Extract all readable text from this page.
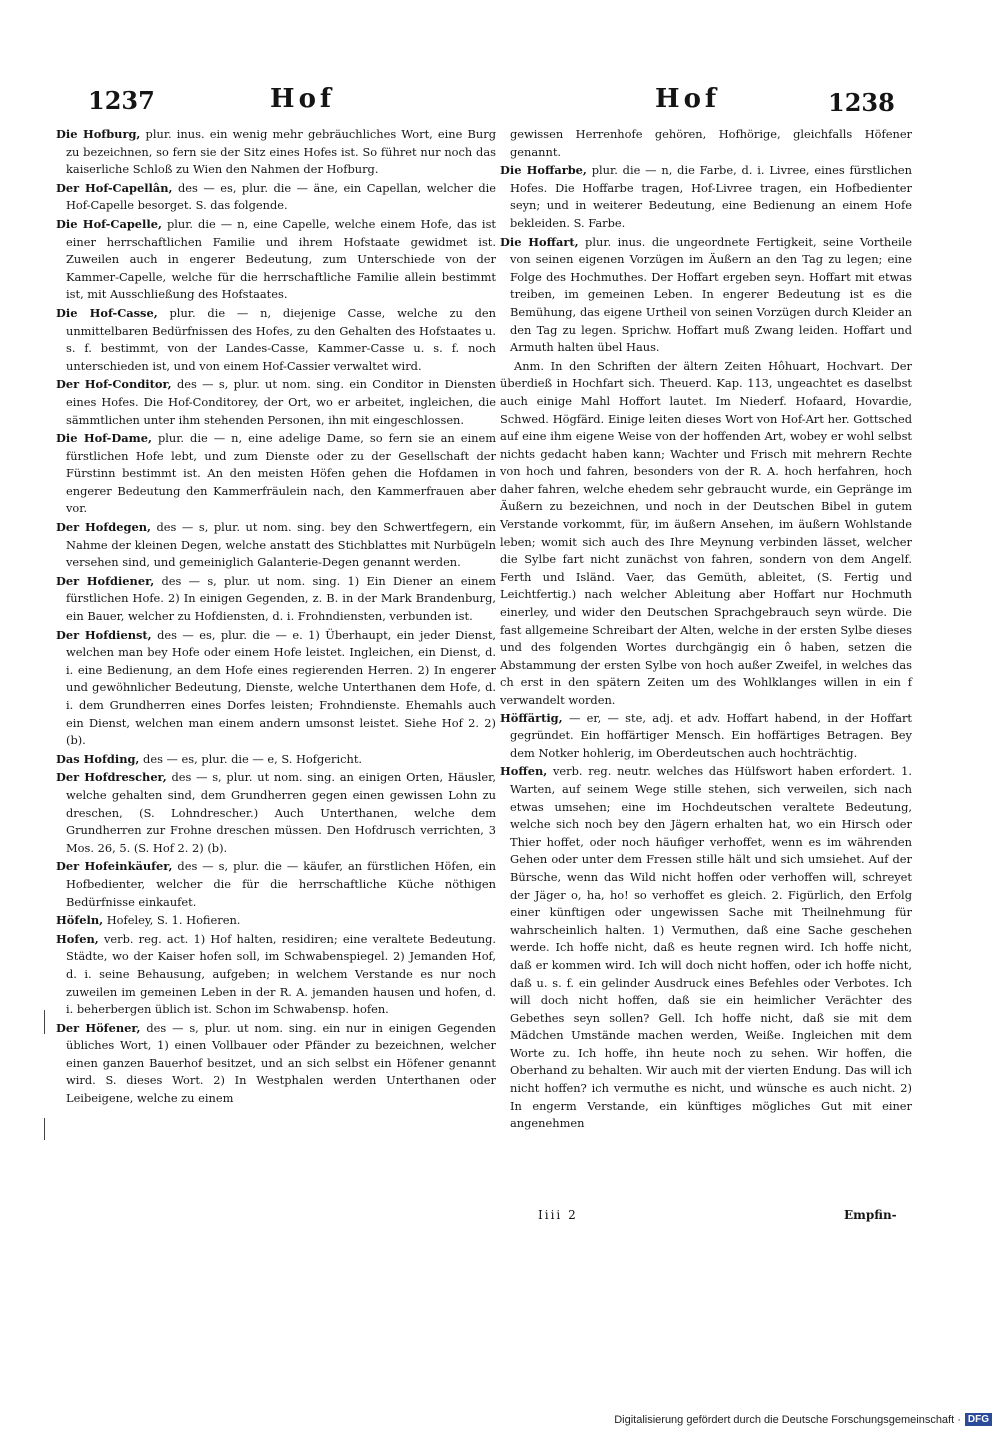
1237	Hof	Hof	1238

Die Hofburg, plur. inus. ein wenig mehr gebräuchliches Wort, eine Burg zu bezeichnen, so fern sie der Sitz eines Hofes ist. So führet nur noch das kaiserliche Schloß zu Wien den Nahmen der Hofburg.

Der Hof-Capellân, des — es, plur. die — äne, ein Capellan, welcher die Hof-Capelle besorget. S. das folgende.

Die Hof-Capelle, plur. die — n, eine Capelle, welche einem Hofe, das ist einer herrschaftlichen Familie und ihrem Hofstaate gewidmet ist. Zuweilen auch in engerer Bedeutung, zum Unterschiede von der Kammer-Capelle, welche für die herrschaftliche Familie allein bestimmt ist, mit Ausschließung des Hofstaates.

Die Hof-Casse, plur. die — n, diejenige Casse, welche zu den unmittelbaren Bedürfnissen des Hofes, zu den Gehalten des Hofstaates u. s. f. bestimmt, von der Landes-Casse, Kammer-Casse u. s. f. noch unterschieden ist, und von einem Hof-Cassier verwaltet wird.

Der Hof-Conditor, des — s, plur. ut nom. sing. ein Conditor in Diensten eines Hofes. Die Hof-Conditorey, der Ort, wo er arbeitet, ingleichen, die sämmtlichen unter ihm stehenden Personen, ihn mit eingeschlossen.

Die Hof-Dame, plur. die — n, eine adelige Dame, so fern sie an einem fürstlichen Hofe lebt, und zum Dienste oder zu der Gesellschaft der Fürstinn bestimmt ist. An den meisten Höfen gehen die Hofdamen in engerer Bedeutung den Kammerfräulein nach, den Kammerfrauen aber vor.

Der Hofdegen, des — s, plur. ut nom. sing. bey den Schwertfegern, ein Nahme der kleinen Degen, welche anstatt des Stichblattes mit Nurbügeln versehen sind, und gemeiniglich Galanterie-Degen genannt werden.

Der Hofdiener, des — s, plur. ut nom. sing. 1) Ein Diener an einem fürstlichen Hofe. 2) In einigen Gegenden, z. B. in der Mark Brandenburg, ein Bauer, welcher zu Hofdiensten, d. i. Frohndiensten, verbunden ist.

Der Hofdienst, des — es, plur. die — e. 1) Überhaupt, ein jeder Dienst, welchen man bey Hofe oder einem Hofe leistet. Ingleichen, ein Dienst, d. i. eine Bedienung, an dem Hofe eines regierenden Herren. 2) In engerer und gewöhnlicher Bedeutung, Dienste, welche Unterthanen dem Hofe, d. i. dem Grundherren eines Dorfes leisten; Frohndienste. Ehemahls auch ein Dienst, welchen man einem andern umsonst leistet. Siehe Hof 2. 2) (b).

Das Hofding, des — es, plur. die — e, S. Hofgericht.

Der Hofdrescher, des — s, plur. ut nom. sing. an einigen Orten, Häusler, welche gehalten sind, dem Grundherren gegen einen gewissen Lohn zu dreschen, (S. Lohndrescher.) Auch Unterthanen, welche dem Grundherren zur Frohne dreschen müssen. Den Hofdrusch verrichten, 3 Mos. 26, 5. (S. Hof 2. 2) (b).

Der Hofeinkäufer, des — s, plur. die — käufer, an fürstlichen Höfen, ein Hofbedienter, welcher die für die herrschaftliche Küche nöthigen Bedürfnisse einkaufet.

Höfeln, Hofeley, S. 1. Hofieren.

Hofen, verb. reg. act. 1) Hof halten, residiren; eine veraltete Bedeutung. Städte, wo der Kaiser hofen soll, im Schwabenspiegel. 2) Jemanden Hof, d. i. seine Behausung, aufgeben; in welchem Verstande es nur noch zuweilen im gemeinen Leben in der R. A. jemanden hausen und hofen, d. i. beherbergen üblich ist. Schon im Schwabensp. hofen.

Der Höfener, des — s, plur. ut nom. sing. ein nur in einigen Gegenden übliches Wort, 1) einen Vollbauer oder Pfänder zu bezeichnen, welcher einen ganzen Bauerhof besitzet, und an sich selbst ein Höfener genannt wird. S. dieses Wort. 2) In Westphalen werden Unterthanen oder Leibeigene, welche zu einem

gewissen Herrenhofe gehören, Hofhörige, gleichfalls Höfener genannt.

Die Hoffarbe, plur. die — n, die Farbe, d. i. Livree, eines fürstlichen Hofes. Die Hoffarbe tragen, Hof-Livree tragen, ein Hofbedienter seyn; und in weiterer Bedeutung, eine Bedienung an einem Hofe bekleiden. S. Farbe.

Die Hoffart, plur. inus. die ungeordnete Fertigkeit, seine Vortheile von seinen eigenen Vorzügen im Äußern an den Tag zu legen; eine Folge des Hochmuthes. Der Hoffart ergeben seyn. Hoffart mit etwas treiben, im gemeinen Leben. In engerer Bedeutung ist es die Bemühung, das eigene Urtheil von seinen Vorzügen durch Kleider an den Tag zu legen. Sprichw. Hoffart muß Zwang leiden. Hoffart und Armuth halten übel Haus.

Anm. In den Schriften der ältern Zeiten Hôhuart, Hochvart. Der überdieß in Hochfart sich. Theuerd. Kap. 113, ungeachtet es daselbst auch einige Mahl Hoffort lautet. Im Niederf. Hofaard, Hovardie, Schwed. Högfärd. Einige leiten dieses Wort von Hof-Art her. Gottsched auf eine ihm eigene Weise von der hoffenden Art, wobey er wohl selbst nichts gedacht haben kann; Wachter und Frisch mit mehrern Rechte von hoch und fahren, besonders von der R. A. hoch herfahren, hoch daher fahren, welche ehedem sehr gebraucht wurde, ein Gepränge im Äußern zu bezeichnen, und noch in der Deutschen Bibel in gutem Verstande vorkommt, für, im äußern Ansehen, im äußern Wohlstande leben; womit sich auch des Ihre Meynung verbinden lässet, welcher die Sylbe fart nicht zunächst von fahren, sondern von dem Angelf. Ferth und Isländ. Vaer, das Gemüth, ableitet, (S. Fertig und Leichtfertig.) nach welcher Ableitung aber Hoffart nur Hochmuth einerley, und wider den Deutschen Sprachgebrauch seyn würde. Die fast allgemeine Schreibart der Alten, welche in der ersten Sylbe dieses und des folgenden Wortes durchgängig ein ô haben, setzen die Abstammung der ersten Sylbe von hoch außer Zweifel, in welches das ch erst in den spätern Zeiten um des Wohlklanges willen in ein f verwandelt worden.

Höffärtig, — er, — ste, adj. et adv. Hoffart habend, in der Hoffart gegründet. Ein hoffärtiger Mensch. Ein hoffärtiges Betragen. Bey dem Notker hohlerig, im Oberdeutschen auch hochträchtig.

Hoffen, verb. reg. neutr. welches das Hülfswort haben erfordert. 1. Warten, auf seinem Wege stille stehen, sich verweilen, sich nach etwas umsehen; eine im Hochdeutschen veraltete Bedeutung, welche sich noch bey den Jägern erhalten hat, wo ein Hirsch oder Thier hoffet, oder noch häufiger verhoffet, wenn es im währenden Gehen oder unter dem Fressen stille hält und sich umsiehet. Auf der Bürsche, wenn das Wild nicht hoffen oder verhoffen will, schreyet der Jäger o, ha, ho! so verhoffet es gleich. 2. Figürlich, den Erfolg einer künftigen oder ungewissen Sache mit Theilnehmung für wahrscheinlich halten. 1) Vermuthen, daß eine Sache geschehen werde. Ich hoffe nicht, daß es heute regnen wird. Ich hoffe nicht, daß er kommen wird. Ich will doch nicht hoffen, oder ich hoffe nicht, daß u. s. f. ein gelinder Ausdruck eines Befehles oder Verbotes. Ich will doch nicht hoffen, daß sie ein heimlicher Verächter des Gebethes seyn sollen? Gell. Ich hoffe nicht, daß sie mit dem Mädchen Umstände machen werden, Weiße. Ingleichen mit dem Worte zu. Ich hoffe, ihn heute noch zu sehen. Wir hoffen, die Oberhand zu behalten. Wir auch mit der vierten Endung. Das will ich nicht hoffen? ich vermuthe es nicht, und wünsche es auch nicht. 2) In engerm Verstande, ein künftiges mögliches Gut mit einer angenehmen

Iiii 2	Empfin-
Digitalisierung gefördert durch die Deutsche Forschungsgemeinschaft · DFG
